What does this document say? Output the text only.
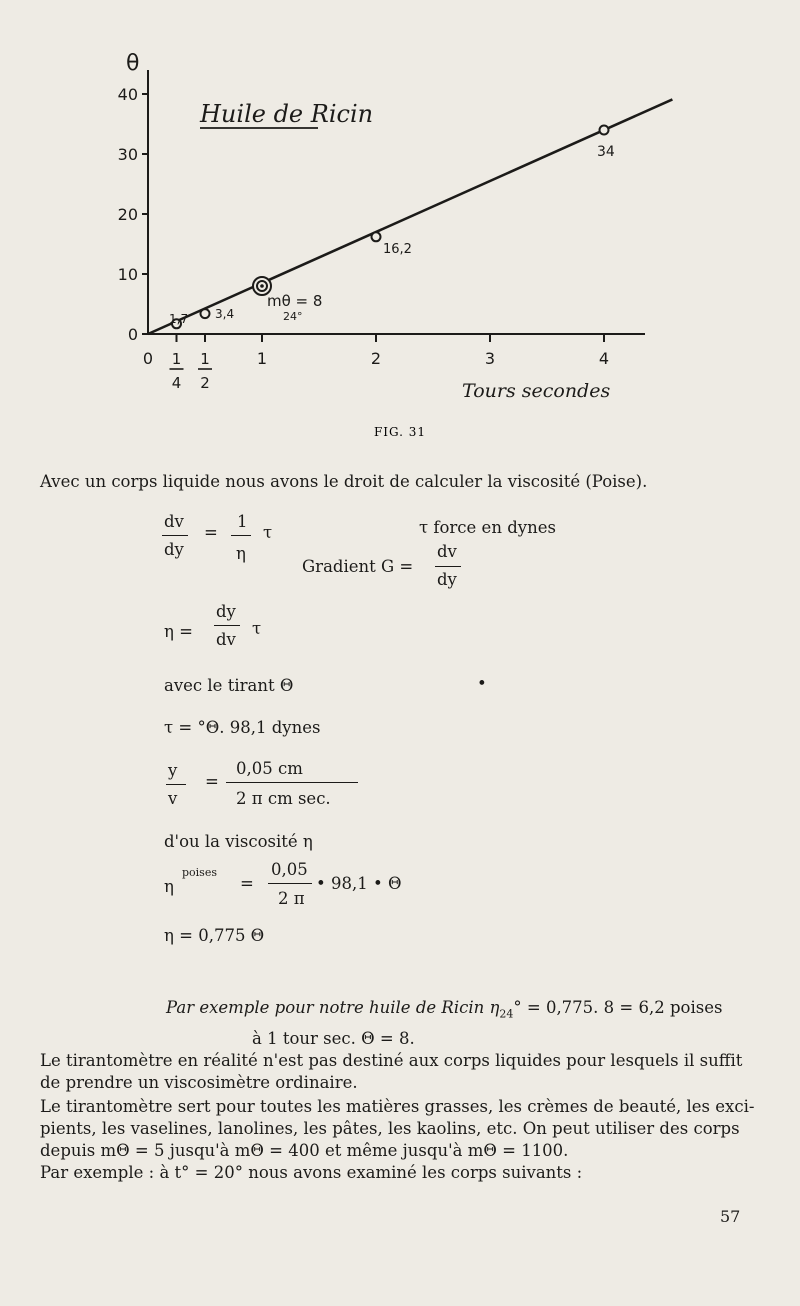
θ
40
30
20
10
0
0	1	2	3	4
1
4
1
2
Huile de Ricin
1,7 3,4
16,2
34
mθ = 8
24°
Tours secondes
FIG. 31
Avec un corps liquide nous avons le droit de calculer la viscosité (Poise).
dv
dy
=
1
η
τ	τ force en dynes
Gradient G =
dv
dy
η =
dy
dv
τ
avec le tirant Θ	•
τ = °Θ. 98,1 dynes
y
v
=
0,05 cm
2 π cm sec.
d'ou la viscosité η
η
poises
=
0,05
2 π
• 98,1 • Θ
η = 0,775 Θ
Par exemple pour notre huile de Ricin $\eta_{24}^\circ = 0,775$. 8 = 6,2 poises
à 1 tour sec. Θ = 8.
Le tirantomètre en réalité n'est pas destiné aux corps liquides pour lesquels il suffit
de prendre un viscosimètre ordinaire.
Le tirantomètre sert pour toutes les matières grasses, les crèmes de beauté, les exci-
pients, les vaselines, lanolines, les pâtes, les kaolins, etc. On peut utiliser des corps
depuis mΘ = 5 jusqu'à mΘ = 400 et même jusqu'à mΘ = 1100.
Par exemple : à t° = 20° nous avons examiné les corps suivants :
57
